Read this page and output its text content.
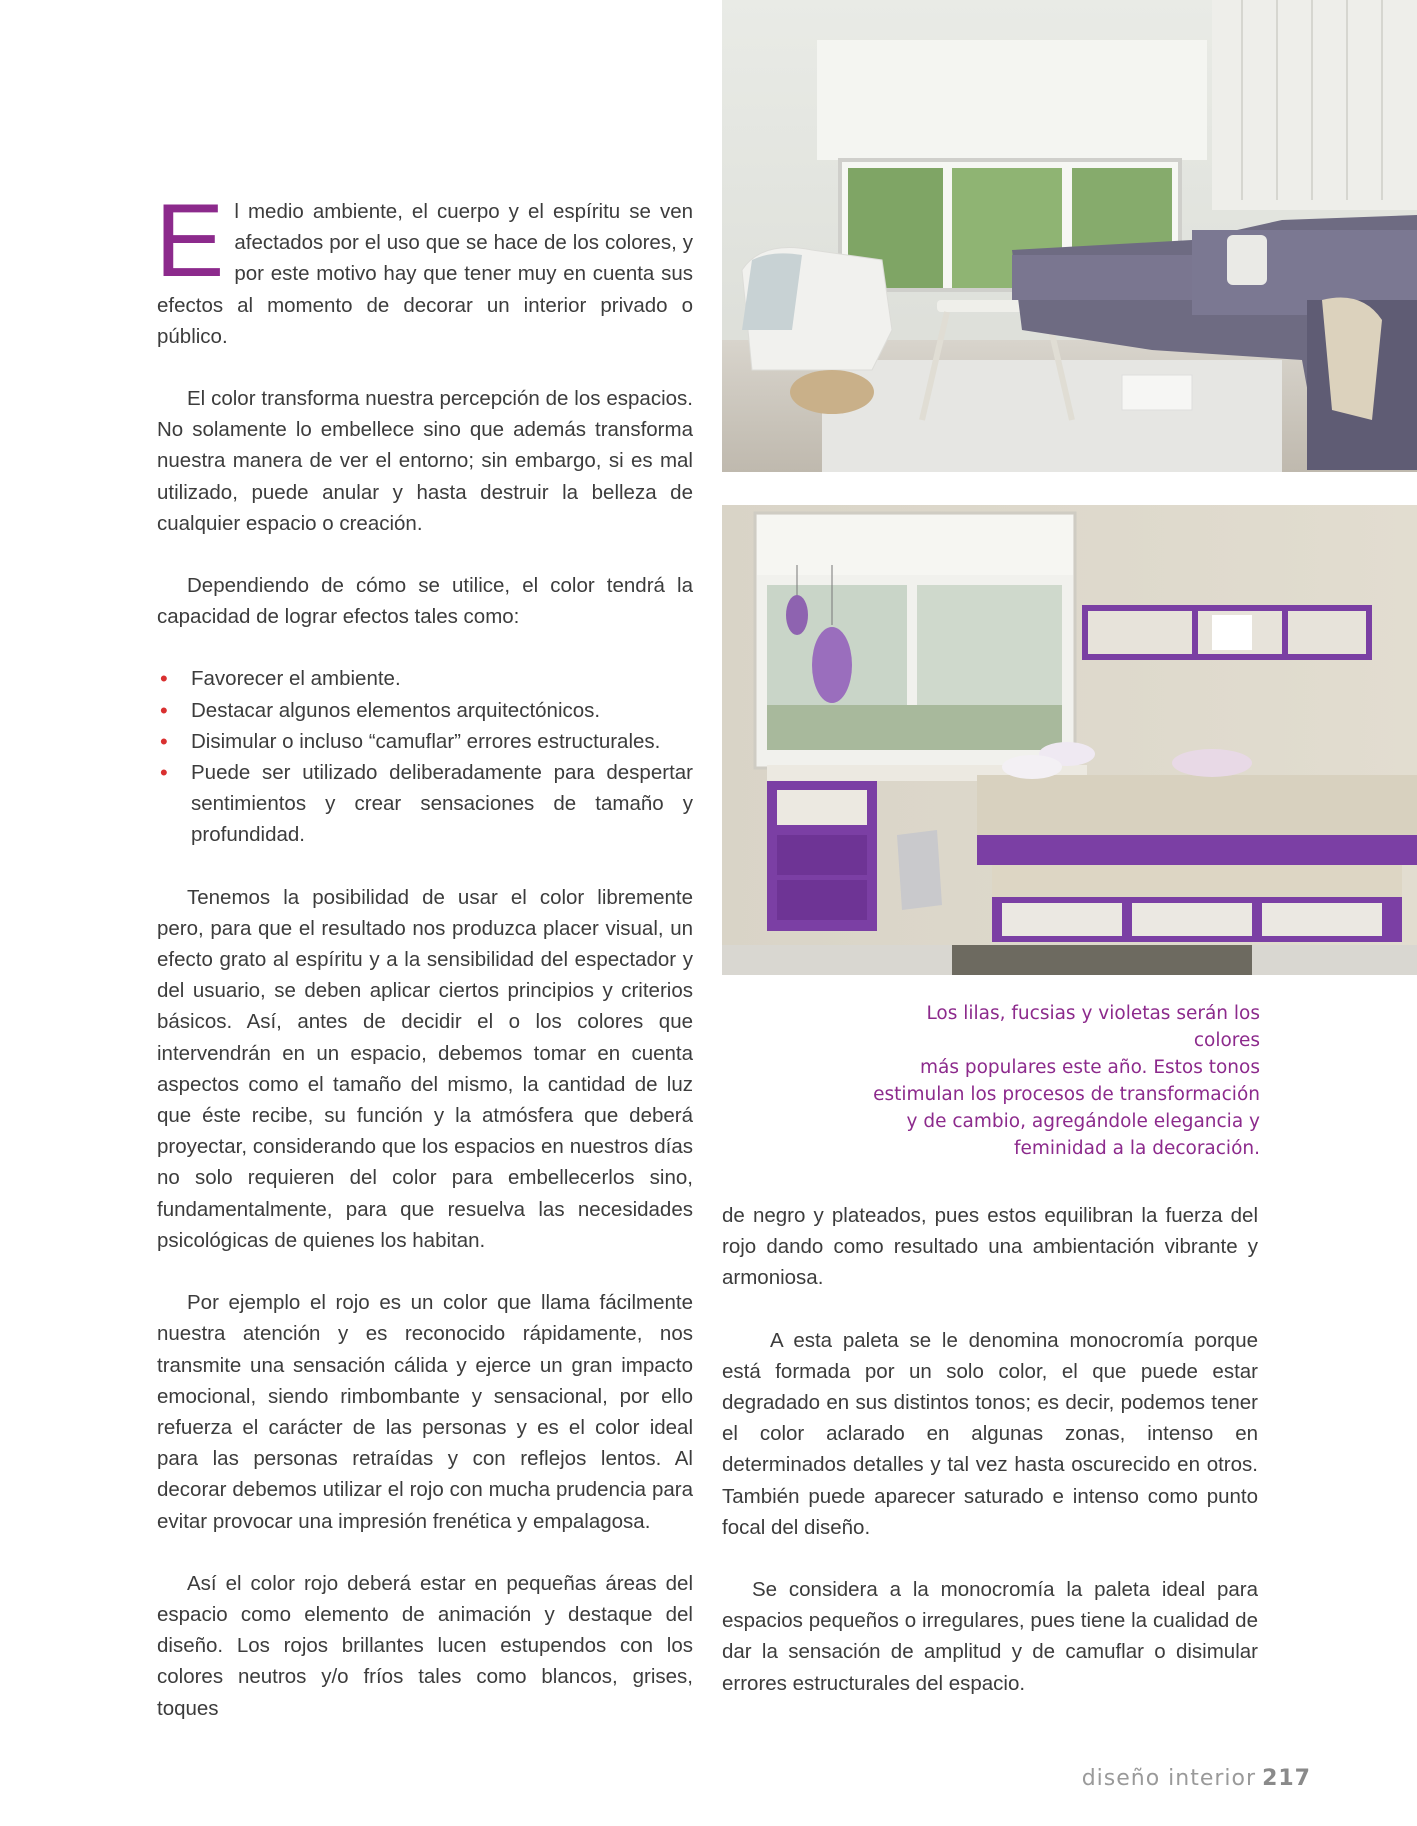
El medio ambiente, el cuerpo y el espíritu se ven afectados por el uso que se hace de los colores, y por este motivo hay que tener muy en cuenta sus efectos al momento de decorar un interior privado o público.

El color transforma nuestra percepción de los espacios. No solamente lo embellece sino que además transforma nuestra manera de ver el entorno; sin embargo, si es mal utilizado, puede anular y hasta destruir la belleza de cualquier espacio o creación.

Dependiendo de cómo se utilice, el color tendrá la capacidad de lograr efectos tales como:

• Favorecer el ambiente.
• Destacar algunos elementos arquitectónicos.
• Disimular o incluso “camuflar” errores estructurales.
• Puede ser utilizado deliberadamente para despertar sentimientos y crear sensaciones de tamaño y profundidad.

Tenemos la posibilidad de usar el color libremente pero, para que el resultado nos produzca placer visual, un efecto grato al espíritu y a la sensibilidad del espectador y del usuario, se deben aplicar ciertos principios y criterios básicos. Así, antes de decidir el o los colores que intervendrán en un espacio, debemos tomar en cuenta aspectos como el tamaño del mismo, la cantidad de luz que éste recibe, su función y la atmósfera que deberá proyectar, considerando que los espacios en nuestros días no solo requieren del color para embellecerlos sino, fundamentalmente, para que resuelva las necesidades psicológicas de quienes los habitan.

Por ejemplo el rojo es un color que llama fácilmente nuestra atención y es reconocido rápidamente, nos transmite una sensación cálida y ejerce un gran impacto emocional, siendo rimbombante y sensacional, por ello refuerza el carácter de las personas y es el color ideal para las personas retraídas y con reflejos lentos. Al decorar debemos utilizar el rojo con mucha prudencia para evitar provocar una impresión frenética y empalagosa.

Así el color rojo deberá estar en pequeñas áreas del espacio como elemento de animación y destaque del diseño. Los rojos brillantes lucen estupendos con los colores neutros y/o fríos tales como blancos, grises, toques

Los lilas, fucsias y violetas serán los colores
más populares este año. Estos tonos
estimulan los procesos de transformación
y de cambio, agregándole elegancia y
feminidad a la decoración.

de negro y plateados, pues estos equilibran la fuerza del rojo dando como resultado una ambientación vibrante y armoniosa.

A esta paleta se le denomina monocromía porque está formada por un solo color, el que puede estar degradado en sus distintos tonos; es decir, podemos tener el color aclarado en algunas zonas, intenso en determinados detalles y tal vez hasta oscurecido en otros. También puede aparecer saturado e intenso como punto focal del diseño.

Se considera a la monocromía la paleta ideal para espacios pequeños o irregulares, pues tiene la cualidad de dar la sensación de amplitud y de camuflar o disimular errores estructurales del espacio.

diseño interior 217
